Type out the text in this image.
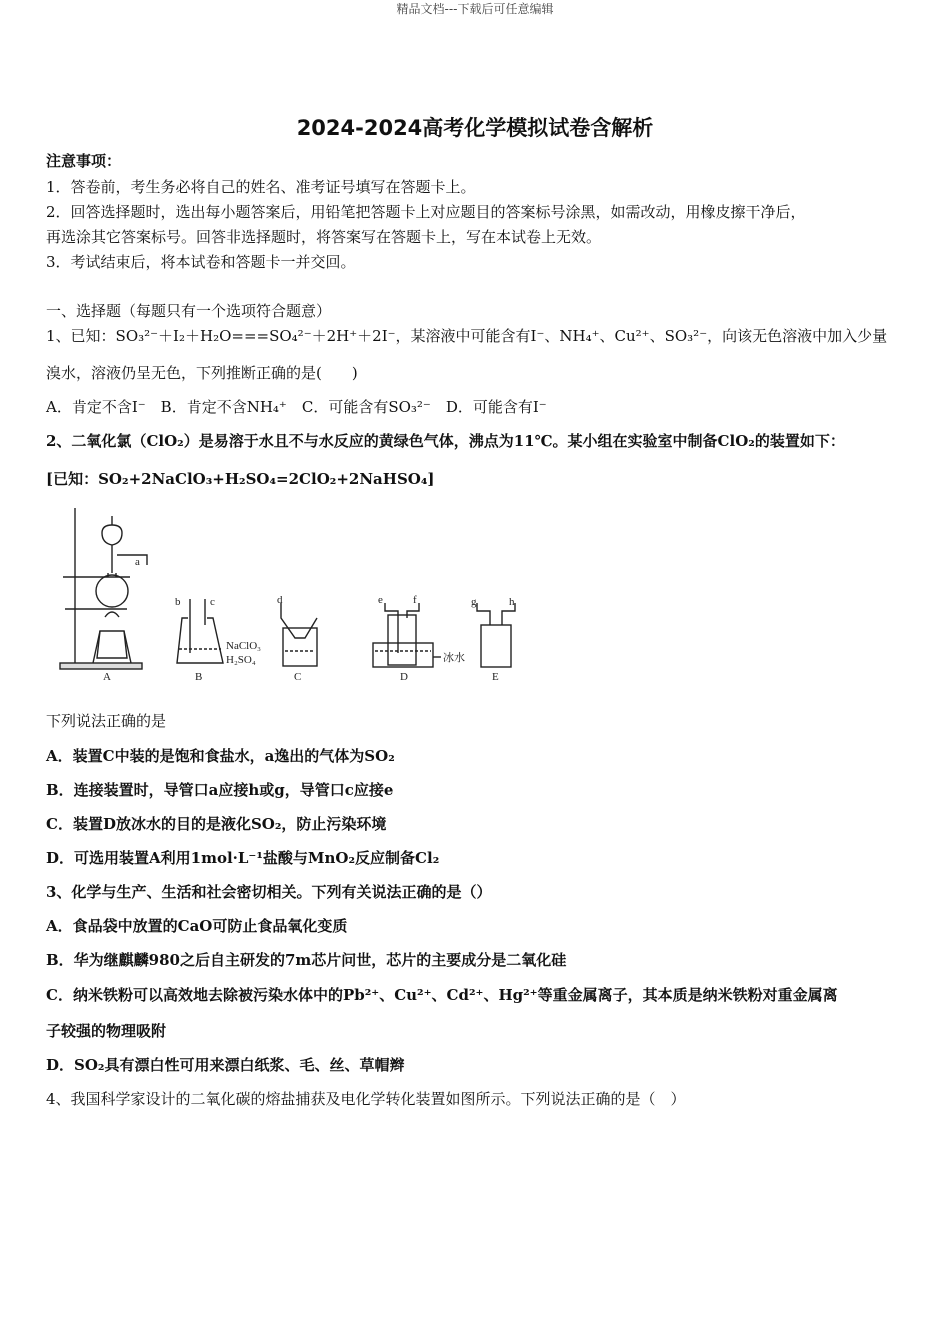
精品文档---下载后可任意编辑
2024-2024高考化学模拟试卷含解析
注意事项：
1．答卷前，考生务必将自己的姓名、准考证号填写在答题卡上。
2．回答选择题时，选出每小题答案后，用铅笔把答题卡上对应题目的答案标号涂黑，如需改动，用橡皮擦干净后，
再选涂其它答案标号。回答非选择题时，将答案写在答题卡上，写在本试卷上无效。
3．考试结束后，将本试卷和答题卡一并交回。
一、选择题（每题只有一个选项符合题意）
1、已知：SO₃²⁻＋I₂＋H₂O===SO₄²⁻＋2H⁺＋2I⁻，某溶液中可能含有I⁻、NH₄⁺、Cu²⁺、SO₃²⁻，向该无色溶液中加入少量
溴水，溶液仍呈无色，下列推断正确的是(　　)
A．肯定不含I⁻　B．肯定不含NH₄⁺　C．可能含有SO₃²⁻　D．可能含有I⁻
2、二氧化氯（ClO₂）是易溶于水且不与水反应的黄绿色气体，沸点为11℃。某小组在实验室中制备ClO₂的装置如下：
[已知：SO₂+2NaClO₃+H₂SO₄=2ClO₂+2NaHSO₄]
a
b	c	d	e	f	g	h
NaClO₃
H₂SO₄	冰水
A	B	C	D	E
下列说法正确的是
A．装置C中装的是饱和食盐水，a逸出的气体为SO₂
B．连接装置时，导管口a应接h或g，导管口c应接e
C．装置D放冰水的目的是液化SO₂，防止污染环境
D．可选用装置A利用1mol·L⁻¹盐酸与MnO₂反应制备Cl₂
3、化学与生产、生活和社会密切相关。下列有关说法正确的是（）
A．食品袋中放置的CaO可防止食品氧化变质
B．华为继麒麟980之后自主研发的7m芯片问世，芯片的主要成分是二氧化硅
C．纳米铁粉可以高效地去除被污染水体中的Pb²⁺、Cu²⁺、Cd²⁺、Hg²⁺等重金属离子，其本质是纳米铁粉对重金属离
子较强的物理吸附
D．SO₂具有漂白性可用来漂白纸浆、毛、丝、草帽辫
4、我国科学家设计的二氧化碳的熔盐捕获及电化学转化装置如图所示。下列说法正确的是（　）
